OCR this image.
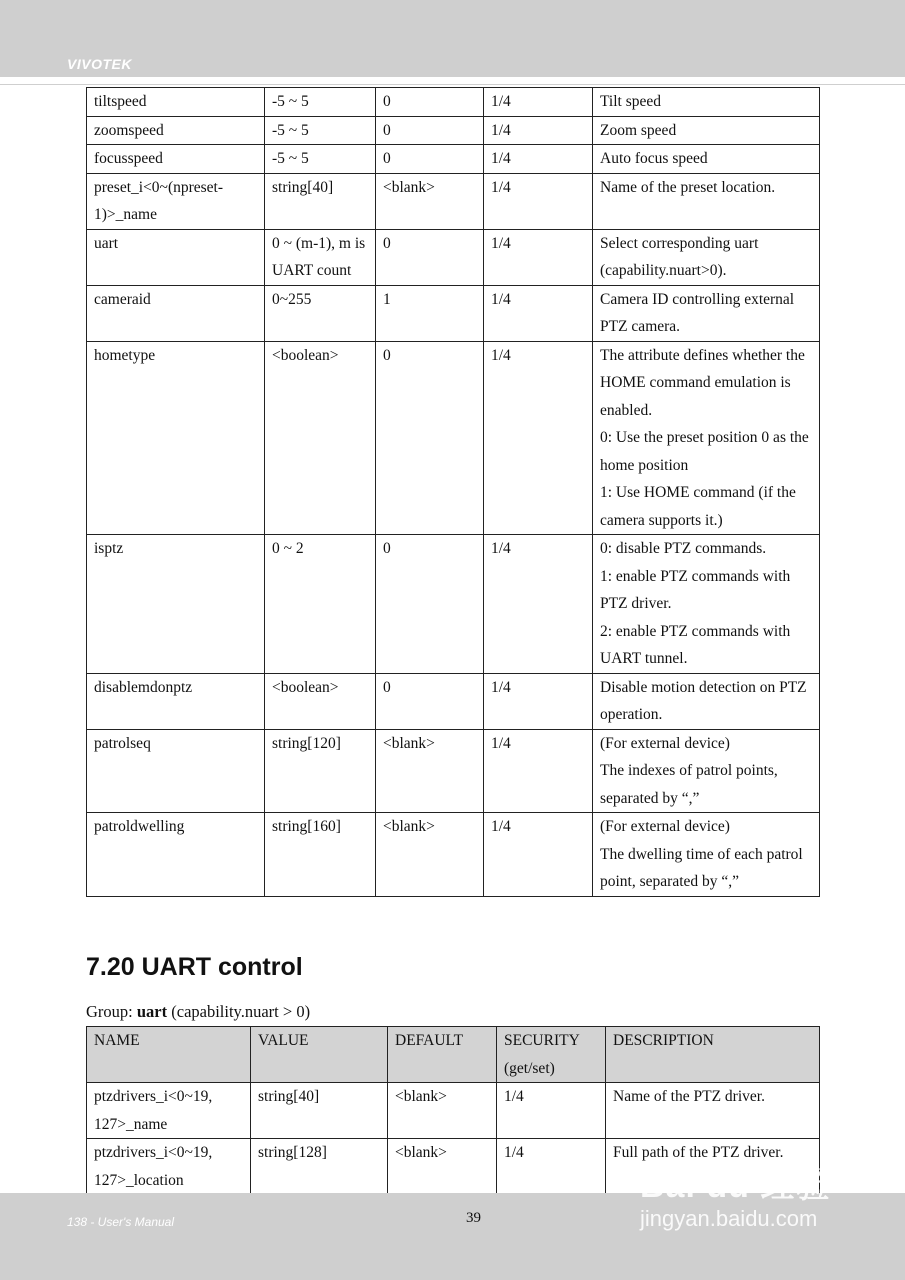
VIVOTEK
tiltspeed	-5 ~ 5	0	1/4	Tilt speed

zoomspeed	-5 ~ 5	0	1/4	Zoom speed

focusspeed	-5 ~ 5	0	1/4	Auto focus speed

preset_i<0~(npreset-1)>_name	string[40]	<blank>	1/4	Name of the preset location.

uart	0 ~ (m-1), m is UART count	0	1/4	Select corresponding uart (capability.nuart>0).

cameraid	0~255	1	1/4	Camera ID controlling external PTZ camera.

hometype	<boolean>	0	1/4	The attribute defines whether the HOME command emulation is enabled.
0: Use the preset position 0 as the home position
1: Use HOME command (if the camera supports it.)

isptz	0 ~ 2	0	1/4	0: disable PTZ commands.
1: enable PTZ commands with PTZ driver.
2: enable PTZ commands with UART tunnel.

disablemdonptz	<boolean>	0	1/4	Disable motion detection on PTZ operation.

patrolseq	string[120]	<blank>	1/4	(For external device)
The indexes of patrol points, separated by “,”

patroldwelling	string[160]	<blank>	1/4	(For external device)
The dwelling time of each patrol point, separated by “,”
7.20 UART control
Group: uart (capability.nuart > 0)
NAME	VALUE	DEFAULT	SECURITY (get/set)	DESCRIPTION
ptzdrivers_i<0~19, 127>_name	string[40]	<blank>	1/4	Name of the PTZ driver.
ptzdrivers_i<0~19, 127>_location	string[128]	<blank>	1/4	Full path of the PTZ driver.
138 - User's Manual	39
Bai du 经验
jingyan.baidu.com
